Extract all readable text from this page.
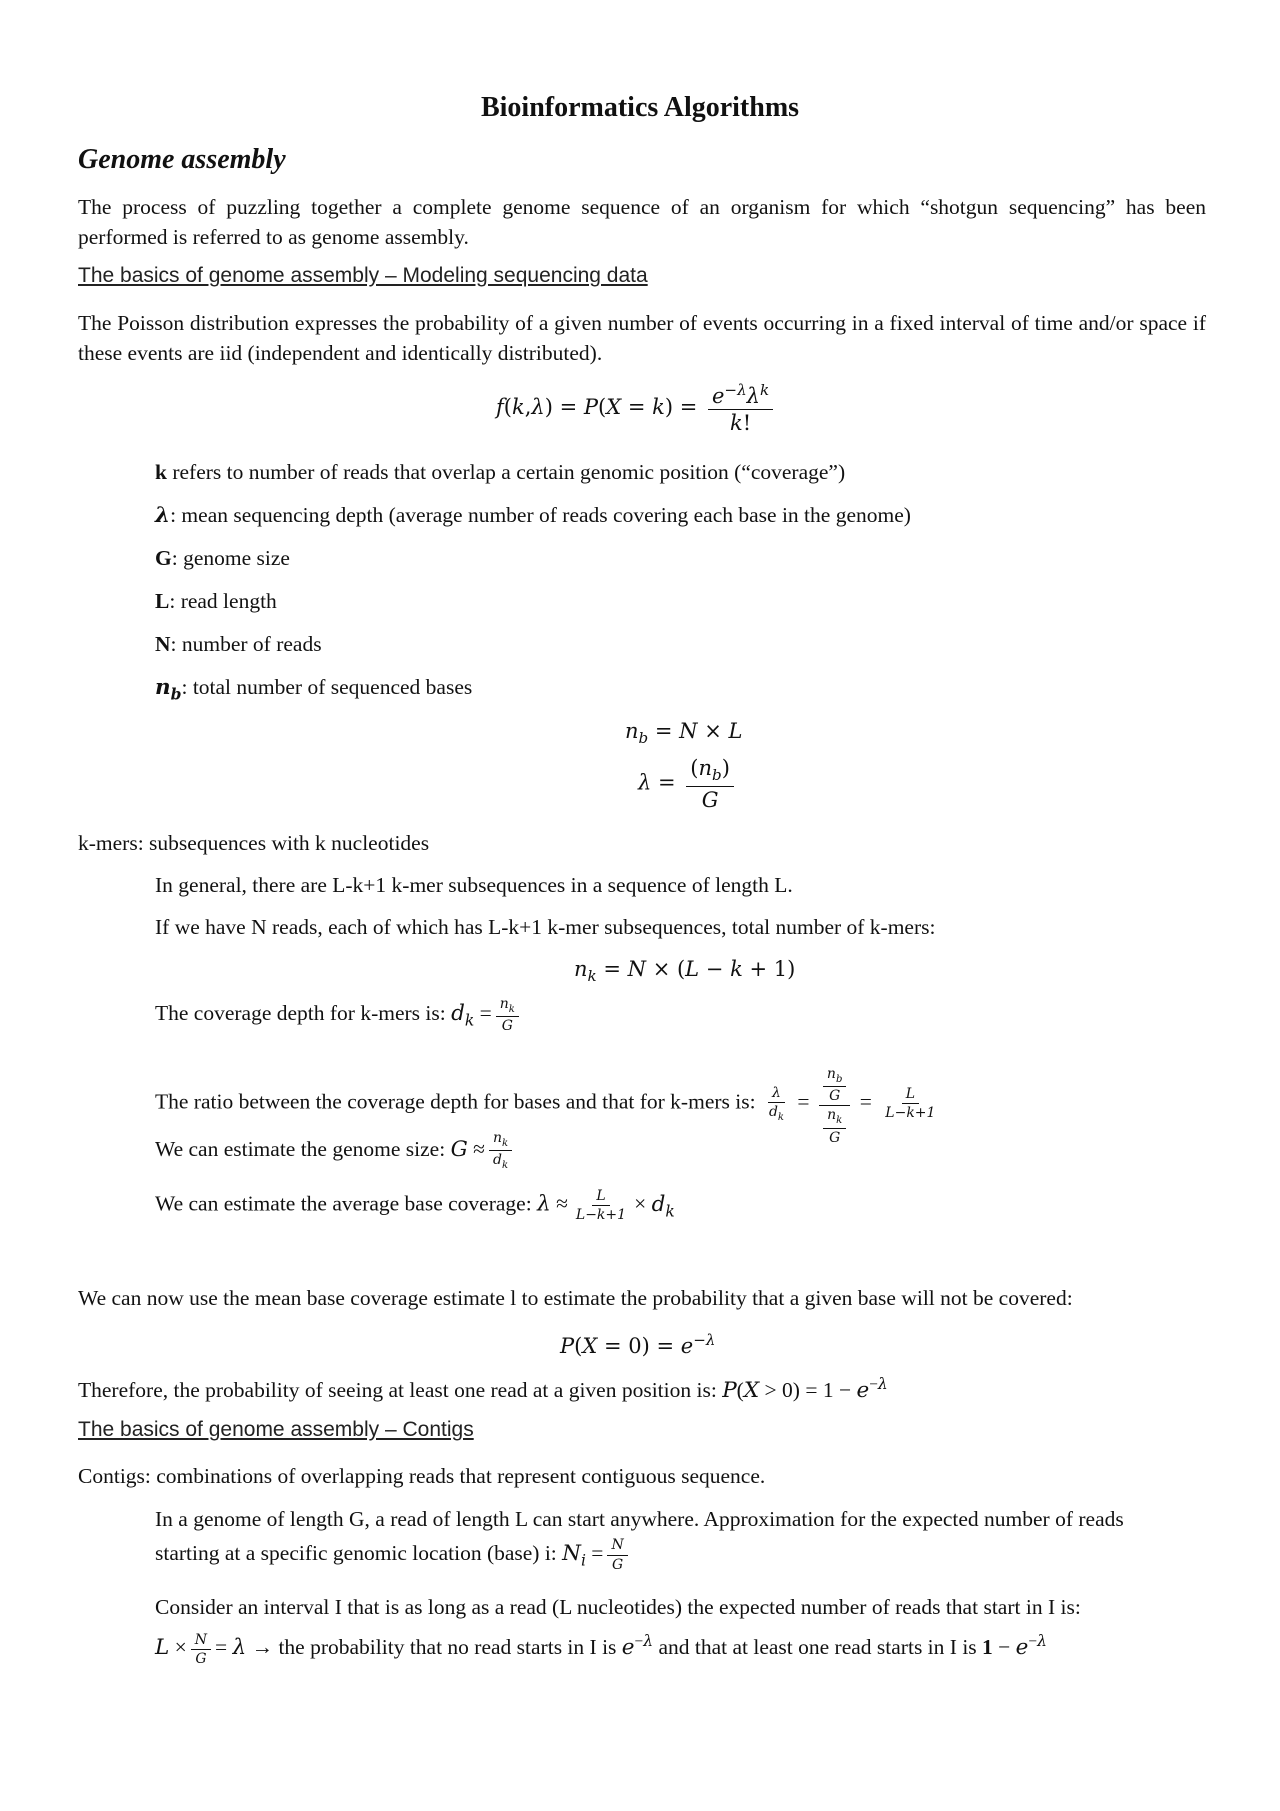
Bioinformatics Algorithms
Genome assembly

The process of puzzling together a complete genome sequence of an organism for which “shotgun sequencing” has been performed is referred to as genome assembly.

The basics of genome assembly – Modeling sequencing data

The Poisson distribution expresses the probability of a given number of events occurring in a fixed interval of time and/or space if these events are iid (independent and identically distributed).

$f(k,\lambda) = P(X = k) = \frac{e^{-\lambda}\lambda^k}{k!}$
k refers to number of reads that overlap a certain genomic position (“coverage”)
λ: mean sequencing depth (average number of reads covering each base in the genome)
G: genome size
L: read length
N: number of reads
$n_b$: total number of sequenced bases
$n_b = N \times L$
$\lambda = \frac{(n_b)}{G}$
k-mers: subsequences with k nucleotides
In general, there are L-k+1 k-mer subsequences in a sequence of length L.
If we have N reads, each of which has L-k+1 k-mer subsequences, total number of k-mers:
$n_k = N \times (L - k + 1)$
The coverage depth for k-mers is: $d_k = \frac{n_k}{G}$
The ratio between the coverage depth for bases and that for k-mers is: $\frac{\lambda}{d_k} = \frac{\frac{n_b}{G}}{\frac{n_k}{G}} = \frac{L}{L-k+1}$
We can estimate the genome size: $G \approx \frac{n_k}{d_k}$
We can estimate the average base coverage: $\lambda \approx \frac{L}{L-k+1} \times d_k$
We can now use the mean base coverage estimate l to estimate the probability that a given base will not be covered:
$P(X = 0) = e^{-\lambda}$
Therefore, the probability of seeing at least one read at a given position is: $P(X > 0) = 1 - e^{-\lambda}$
The basics of genome assembly – Contigs
Contigs: combinations of overlapping reads that represent contiguous sequence.
In a genome of length G, a read of length L can start anywhere. Approximation for the expected number of reads
starting at a specific genomic location (base) i: $N_i = \frac{N}{G}$
Consider an interval I that is as long as a read (L nucleotides) the expected number of reads that start in I is:
$L \times \frac{N}{G} = \lambda$ → the probability that no read starts in I is $e^{-\lambda}$ and that at least one read starts in I is $1 - e^{-\lambda}$
